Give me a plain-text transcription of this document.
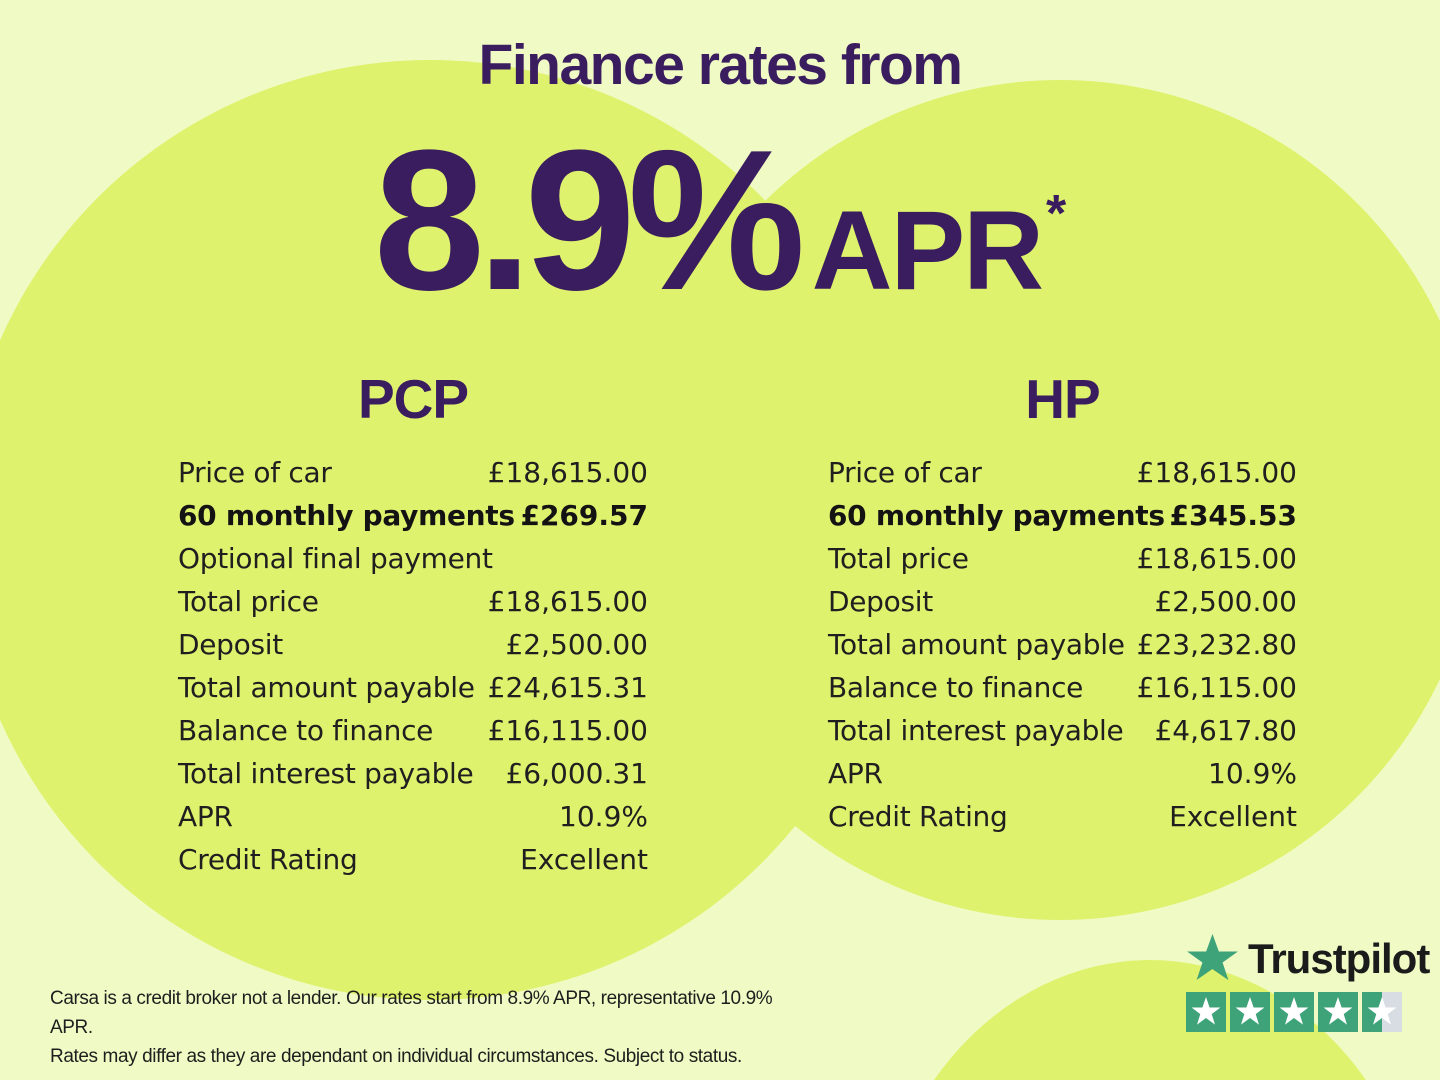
Finance rates from
8.9% APR*
PCP
Price of car	£18,615.00
60 monthly payments £269.57
Optional final payment
Total price	£18,615.00
Deposit	£2,500.00
Total amount payable £24,615.31
Balance to finance £16,115.00
Total interest payable £6,000.31
APR	10.9%
Credit Rating	Excellent
HP
Price of car	£18,615.00
60 monthly payments £345.53
Total price	£18,615.00
Deposit	£2,500.00
Total amount payable £23,232.80
Balance to finance £16,115.00
Total interest payable £4,617.80
APR	10.9%
Credit Rating	Excellent
Trustpilot

Carsa is a credit broker not a lender. Our rates start from 8.9% APR, representative 10.9% APR.
Rates may differ as they are dependant on individual circumstances. Subject to status.
